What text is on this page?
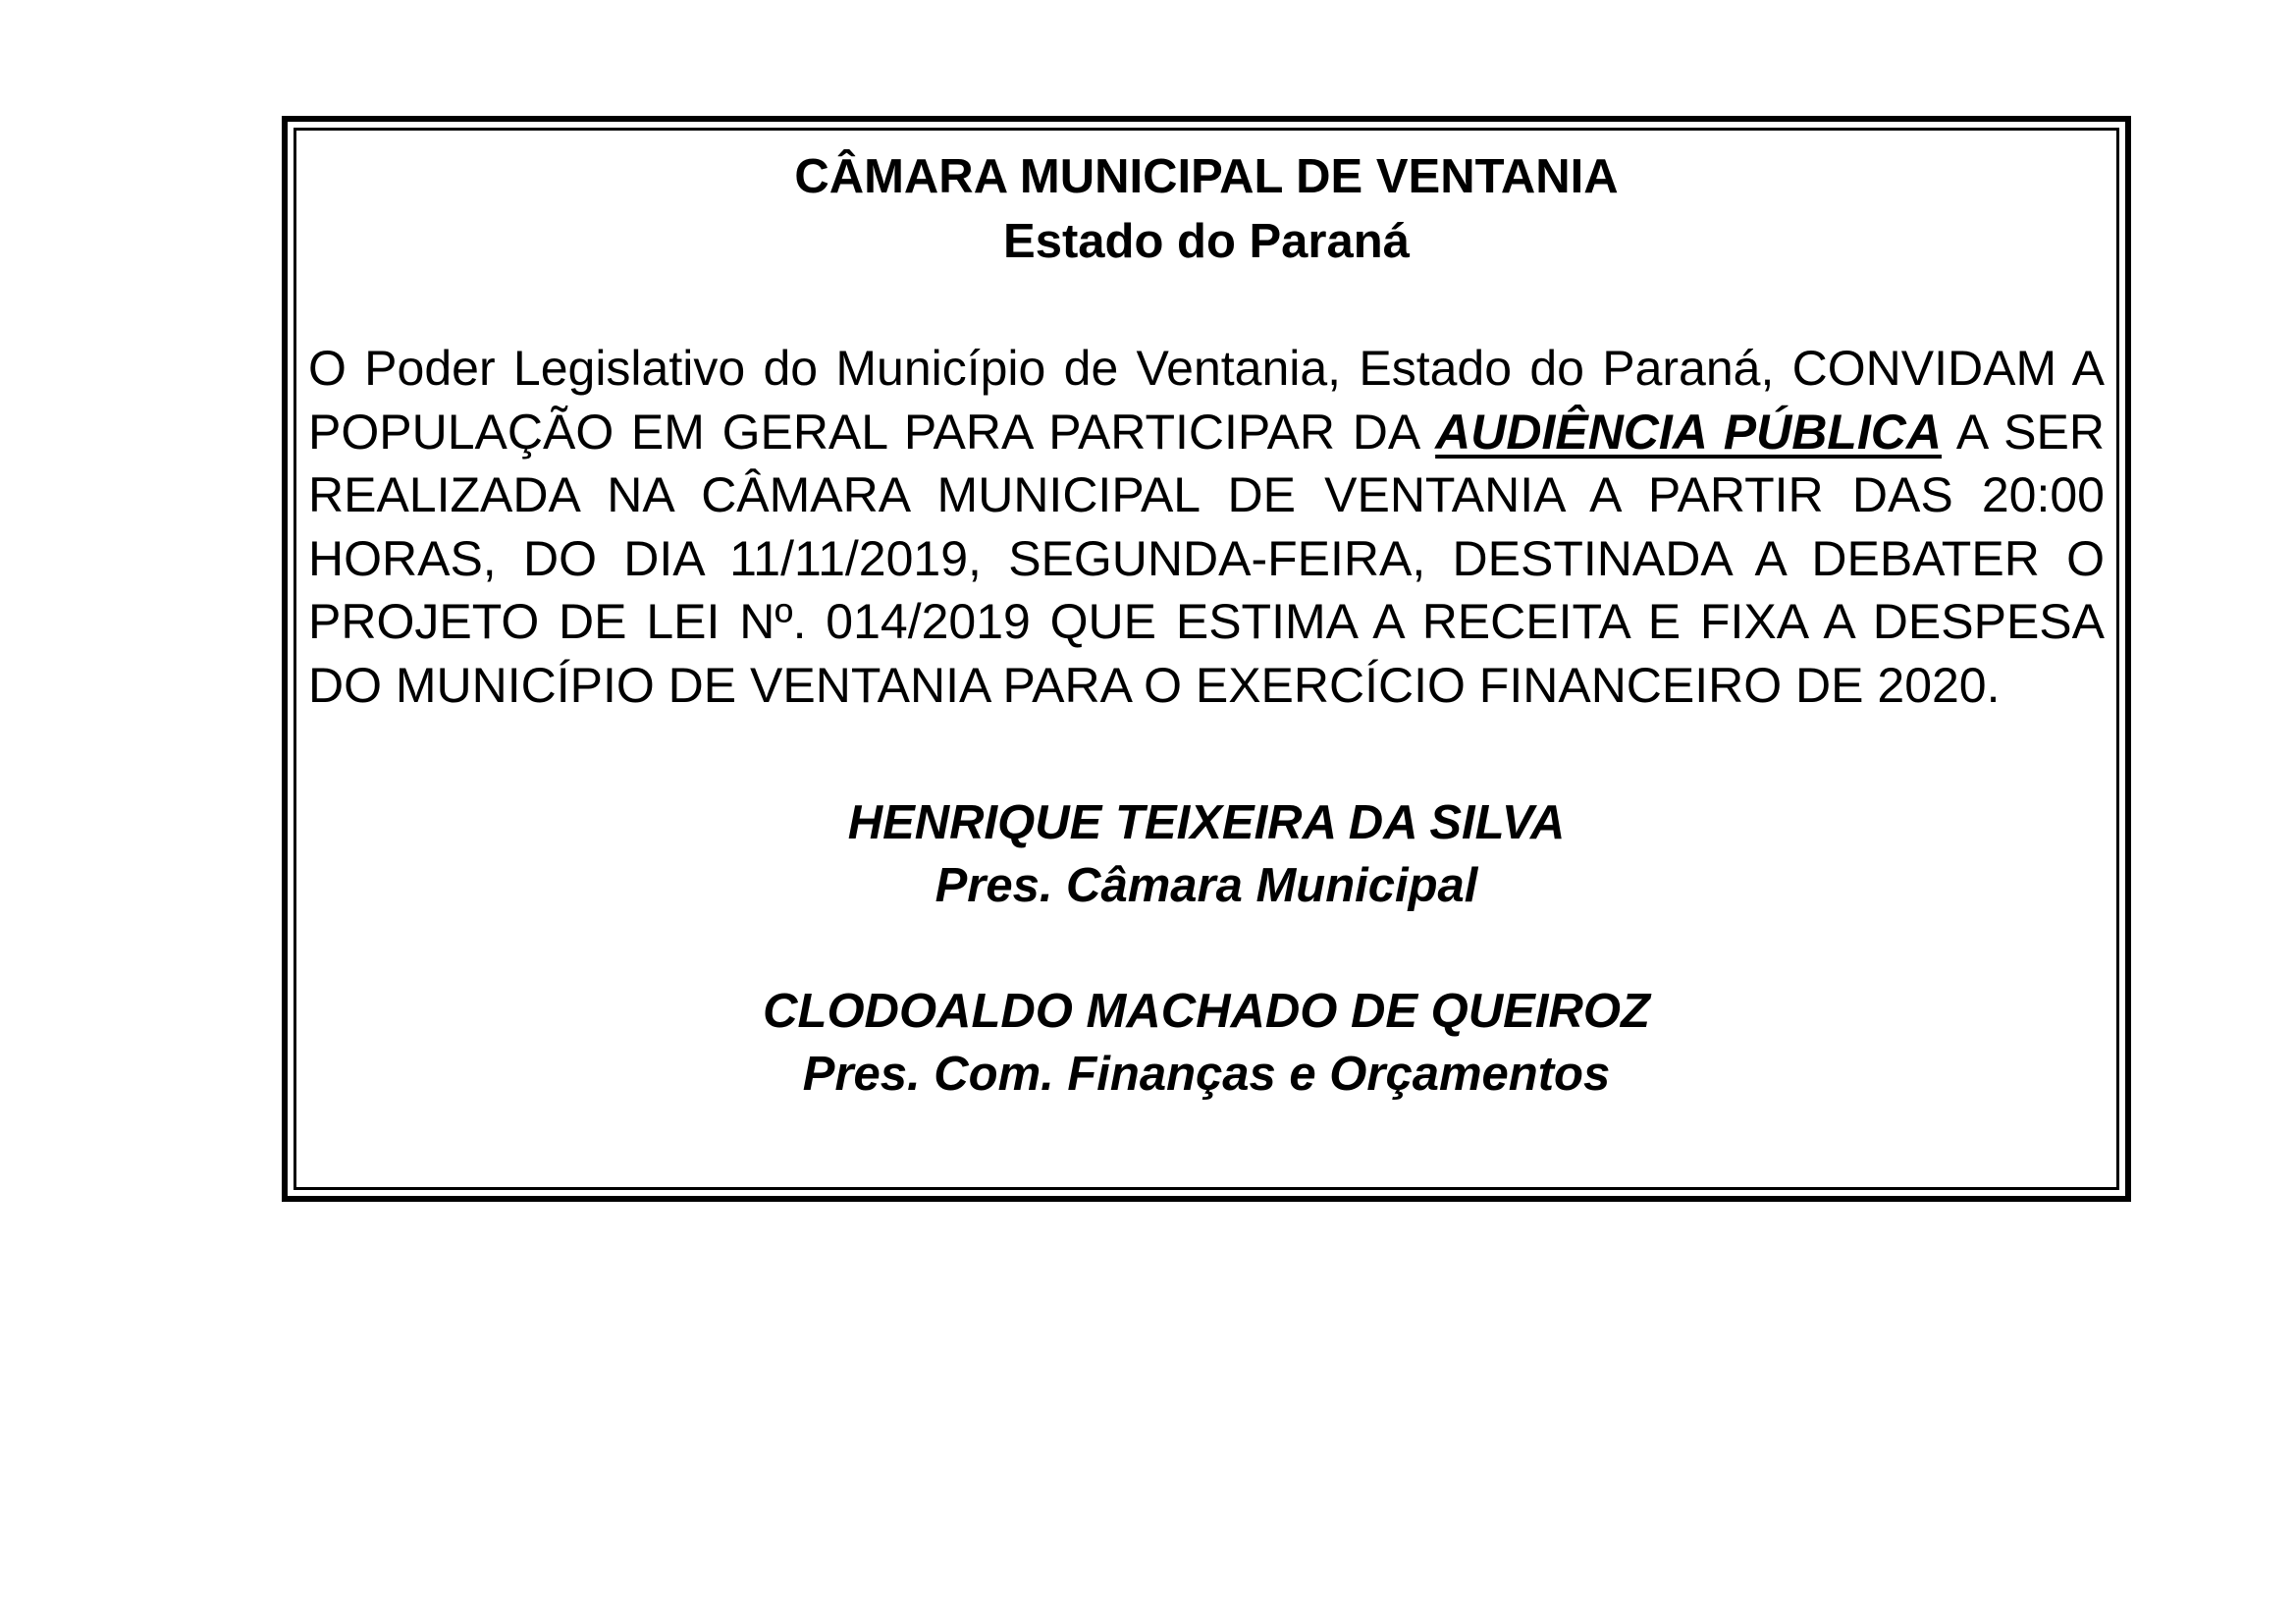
CÂMARA MUNICIPAL DE VENTANIA
Estado do Paraná

O Poder Legislativo do Município de Ventania, Estado do Paraná, CONVIDAM A POPULAÇÃO EM GERAL PARA PARTICIPAR DA AUDIÊNCIA PÚBLICA A SER REALIZADA NA CÂMARA MUNICIPAL DE VENTANIA A PARTIR DAS 20:00 HORAS, DO DIA 11/11/2019, SEGUNDA-FEIRA, DESTINADA A DEBATER O PROJETO DE LEI Nº. 014/2019 QUE ESTIMA A RECEITA E FIXA A DESPESA DO MUNICÍPIO DE VENTANIA PARA O EXERCÍCIO FINANCEIRO DE 2020.

HENRIQUE TEIXEIRA DA SILVA
Pres. Câmara Municipal
CLODOALDO MACHADO DE QUEIROZ
Pres. Com. Finanças e Orçamentos
